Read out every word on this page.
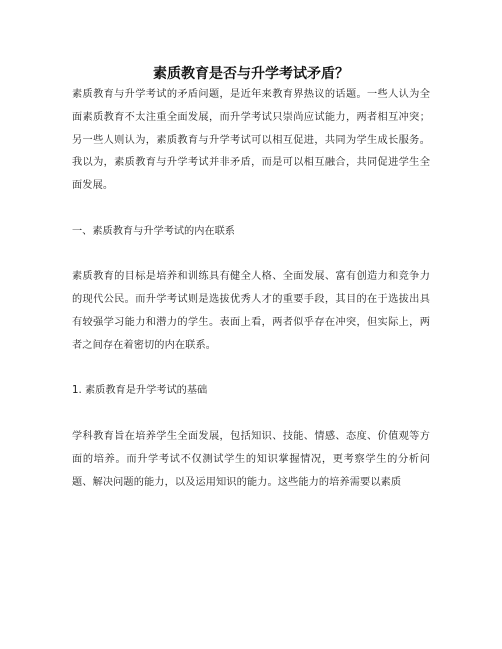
素质教育是否与升学考试矛盾？

素质教育与升学考试的矛盾问题，是近年来教育界热议的话题。一些人认为全面素质教育不太注重全面发展，而升学考试只崇尚应试能力，两者相互冲突；另一些人则认为，素质教育与升学考试可以相互促进，共同为学生成长服务。我以为，素质教育与升学考试并非矛盾，而是可以相互融合，共同促进学生全面发展。

一、素质教育与升学考试的内在联系

素质教育的目标是培养和训练具有健全人格、全面发展、富有创造力和竞争力的现代公民。而升学考试则是选拔优秀人才的重要手段，其目的在于选拔出具有较强学习能力和潜力的学生。表面上看，两者似乎存在冲突，但实际上，两者之间存在着密切的内在联系。

1. 素质教育是升学考试的基础

学科教育旨在培养学生全面发展，包括知识、技能、情感、态度、价值观等方面的培养。而升学考试不仅测试学生的知识掌握情况，更考察学生的分析问题、解决问题的能力，以及运用知识的能力。这些能力的培养需要以素质
